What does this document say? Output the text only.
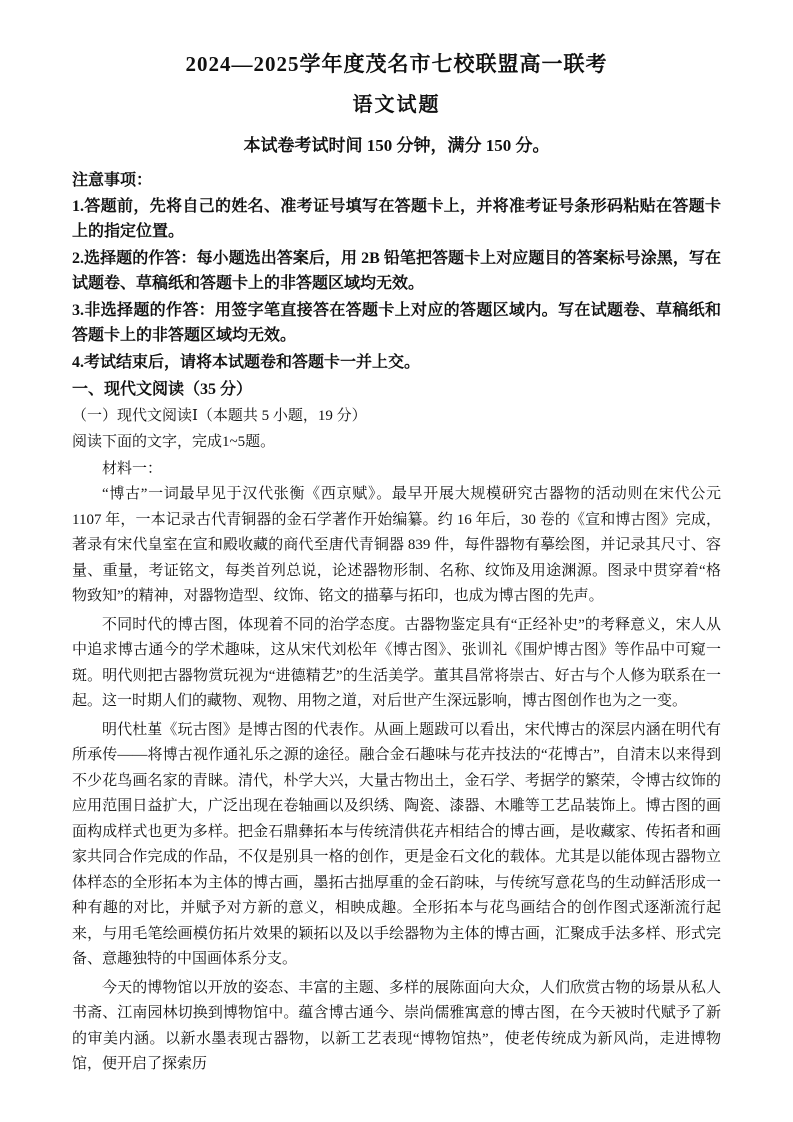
2024—2025学年度茂名市七校联盟高一联考
语文试题

本试卷考试时间 150 分钟，满分 150 分。

注意事项：

1.答题前，先将自己的姓名、准考证号填写在答题卡上，并将准考证号条形码粘贴在答题卡上的指定位置。

2.选择题的作答：每小题选出答案后，用 2B 铅笔把答题卡上对应题目的答案标号涂黑，写在试题卷、草稿纸和答题卡上的非答题区域均无效。

3.非选择题的作答：用签字笔直接答在答题卡上对应的答题区域内。写在试题卷、草稿纸和答题卡上的非答题区域均无效。

4.考试结束后，请将本试题卷和答题卡一并上交。

一、现代文阅读（35 分）

（一）现代文阅读Ⅰ（本题共 5 小题，19 分）

阅读下面的文字，完成1~5题。

材料一：

“博古”一词最早见于汉代张衡《西京赋》。最早开展大规模研究古器物的活动则在宋代公元 1107 年，一本记录古代青铜器的金石学著作开始编纂。约 16 年后，30 卷的《宣和博古图》完成，著录有宋代皇室在宣和殿收藏的商代至唐代青铜器 839 件，每件器物有摹绘图，并记录其尺寸、容量、重量，考证铭文，每类首列总说，论述器物形制、名称、纹饰及用途渊源。图录中贯穿着“格物致知”的精神，对器物造型、纹饰、铭文的描摹与拓印，也成为博古图的先声。

不同时代的博古图，体现着不同的治学态度。古器物鉴定具有“正经补史”的考释意义，宋人从中追求博古通今的学术趣味，这从宋代刘松年《博古图》、张训礼《围炉博古图》等作品中可窥一斑。明代则把古器物赏玩视为“进德精艺”的生活美学。董其昌常将崇古、好古与个人修为联系在一起。这一时期人们的藏物、观物、用物之道，对后世产生深远影响，博古图创作也为之一变。

明代杜堇《玩古图》是博古图的代表作。从画上题跋可以看出，宋代博古的深层内涵在明代有所承传——将博古视作通礼乐之源的途径。融合金石趣味与花卉技法的“花博古”，自清末以来得到不少花鸟画名家的青睐。清代，朴学大兴，大量古物出土，金石学、考据学的繁荣，令博古纹饰的应用范围日益扩大，广泛出现在卷轴画以及织绣、陶瓷、漆器、木雕等工艺品装饰上。博古图的画面构成样式也更为多样。把金石鼎彝拓本与传统清供花卉相结合的博古画，是收藏家、传拓者和画家共同合作完成的作品，不仅是别具一格的创作，更是金石文化的载体。尤其是以能体现古器物立体样态的全形拓本为主体的博古画，墨拓古拙厚重的金石韵味，与传统写意花鸟的生动鲜活形成一种有趣的对比，并赋予对方新的意义，相映成趣。全形拓本与花鸟画结合的创作图式逐渐流行起来，与用毛笔绘画模仿拓片效果的颖拓以及以手绘器物为主体的博古画，汇聚成手法多样、形式完备、意趣独特的中国画体系分支。

今天的博物馆以开放的姿态、丰富的主题、多样的展陈面向大众，人们欣赏古物的场景从私人书斋、江南园林切换到博物馆中。蕴含博古通今、崇尚儒雅寓意的博古图，在今天被时代赋予了新的审美内涵。以新水墨表现古器物，以新工艺表现“博物馆热”，使老传统成为新风尚，走进博物馆，便开启了探索历
